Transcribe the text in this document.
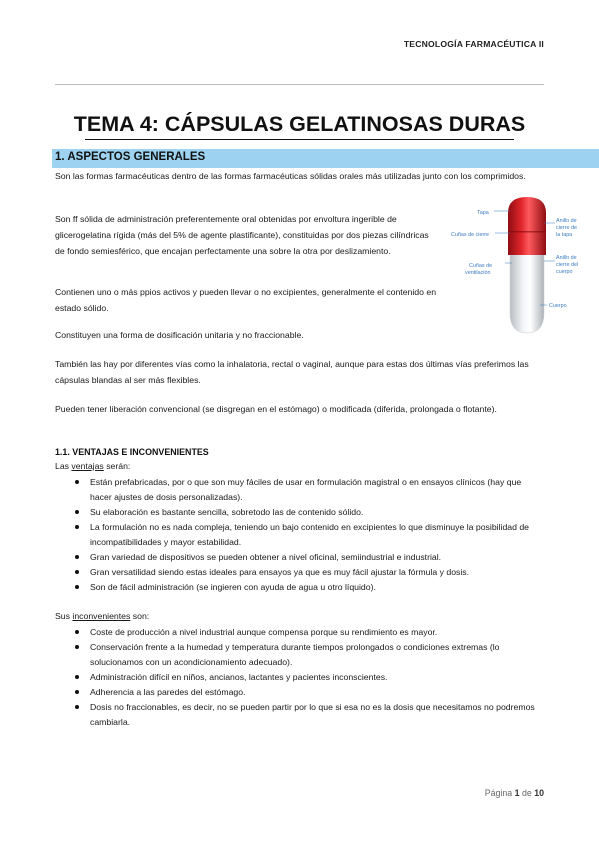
TECNOLOGÍA FARMACÉUTICA II
TEMA 4: CÁPSULAS GELATINOSAS DURAS
1. ASPECTOS GENERALES
Son las formas farmacéuticas dentro de las formas farmacéuticas sólidas orales más utilizadas junto con los comprimidos.
Son ff sólida de administración preferentemente oral obtenidas por envoltura ingerible de glicerogelatina rígida (más del 5% de agente plastificante), constituidas por dos piezas cilíndricas de fondo semiesférico, que encajan perfectamente una sobre la otra por deslizamiento.
Contienen uno o más ppios activos y pueden llevar o no excipientes, generalmente el contenido en estado sólido.
Constituyen una forma de dosificación unitaria y no fraccionable.
También las hay por diferentes vías como la inhalatoria, rectal o vaginal, aunque para estas dos últimas vías preferimos las cápsulas blandas al ser más flexibles.
Pueden tener liberación convencional (se disgregan en el estómago) o modificada (diferida, prolongada o flotante).
Tapa
Cuñas de cierre
Anillo de
cierre de
la tapa
Cuñas de
ventilación
Anillo de
cierre del
cuerpo
Cuerpo
1.1. VENTAJAS E INCONVENIENTES
Las ventajas serán:
Están prefabricadas, por o que son muy fáciles de usar en formulación magistral o en ensayos clínicos (hay que hacer ajustes de dosis personalizadas).
Su elaboración es bastante sencilla, sobretodo las de contenido sólido.
La formulación no es nada compleja, teniendo un bajo contenido en excipientes lo que disminuye la posibilidad de incompatibilidades y mayor estabilidad.
Gran variedad de dispositivos se pueden obtener a nivel oficinal, semiindustrial e industrial.
Gran versatilidad siendo estas ideales para ensayos ya que es muy fácil ajustar la fórmula y dosis.
Son de fácil administración (se ingieren con ayuda de agua u otro líquido).
Sus inconvenientes son:
Coste de producción a nivel industrial aunque compensa porque su rendimiento es mayor.
Conservación frente a la humedad y temperatura durante tiempos prolongados o condiciones extremas (lo solucionamos con un acondicionamiento adecuado).
Administración difícil en niños, ancianos, lactantes y pacientes inconscientes.
Adherencia a las paredes del estómago.
Dosis no fraccionables, es decir, no se pueden partir por lo que si esa no es la dosis que necesitamos no podremos cambiarla.
Página 1 de 10
